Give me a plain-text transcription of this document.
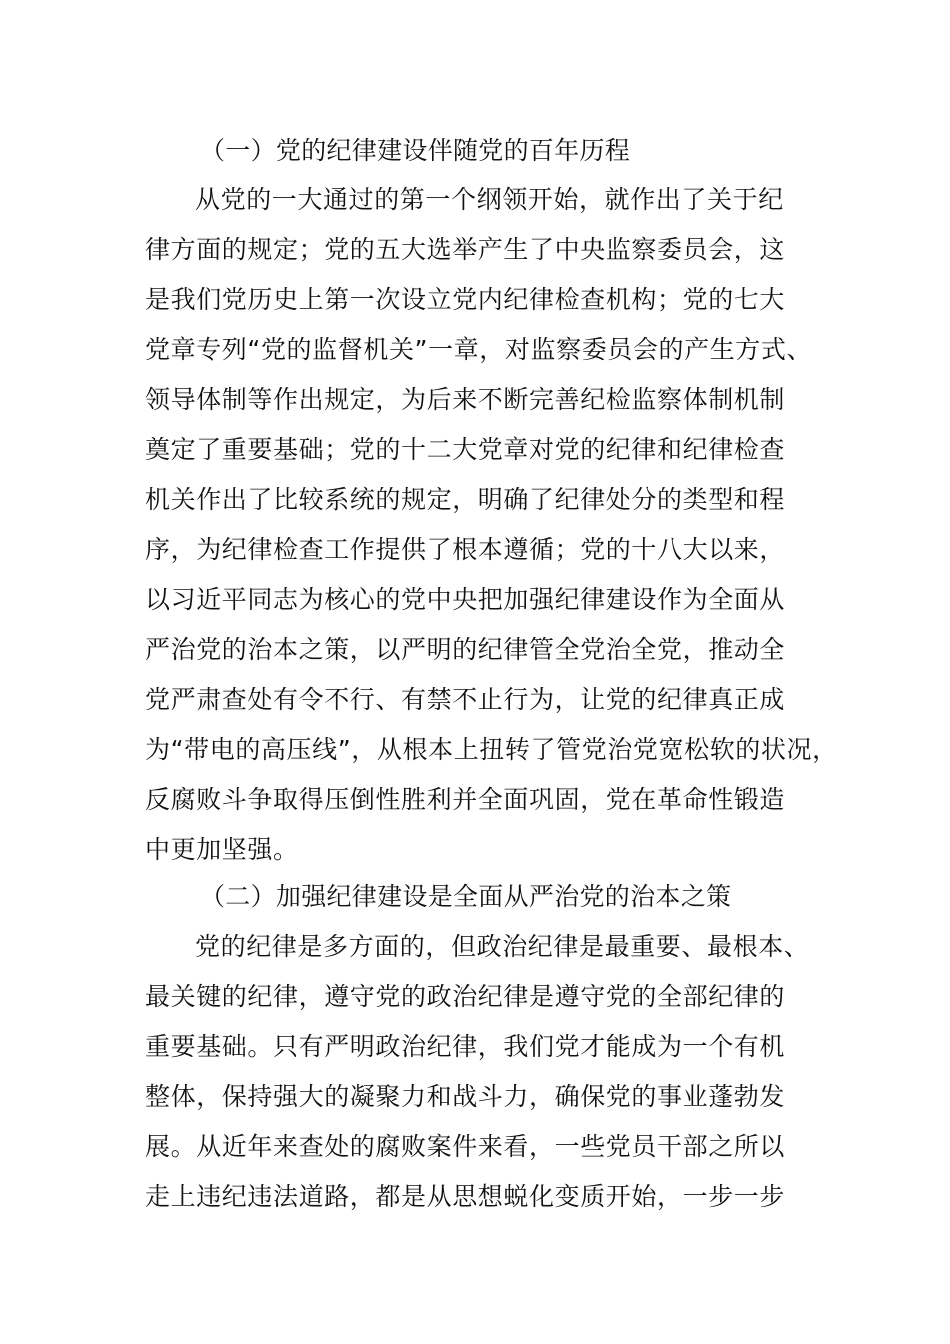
（一）党的纪律建设伴随党的百年历程
从党的一大通过的第一个纲领开始，就作出了关于纪
律方面的规定；党的五大选举产生了中央监察委员会，这
是我们党历史上第一次设立党内纪律检查机构；党的七大
党章专列“党的监督机关”一章，对监察委员会的产生方式、
领导体制等作出规定，为后来不断完善纪检监察体制机制
奠定了重要基础；党的十二大党章对党的纪律和纪律检查
机关作出了比较系统的规定，明确了纪律处分的类型和程
序，为纪律检查工作提供了根本遵循；党的十八大以来，
以习近平同志为核心的党中央把加强纪律建设作为全面从
严治党的治本之策，以严明的纪律管全党治全党，推动全
党严肃查处有令不行、有禁不止行为，让党的纪律真正成
为“带电的高压线”，从根本上扭转了管党治党宽松软的状况，
反腐败斗争取得压倒性胜利并全面巩固，党在革命性锻造
中更加坚强。
（二）加强纪律建设是全面从严治党的治本之策
党的纪律是多方面的，但政治纪律是最重要、最根本、
最关键的纪律，遵守党的政治纪律是遵守党的全部纪律的
重要基础。只有严明政治纪律，我们党才能成为一个有机
整体，保持强大的凝聚力和战斗力，确保党的事业蓬勃发
展。从近年来查处的腐败案件来看，一些党员干部之所以
走上违纪违法道路，都是从思想蜕化变质开始，一步一步
